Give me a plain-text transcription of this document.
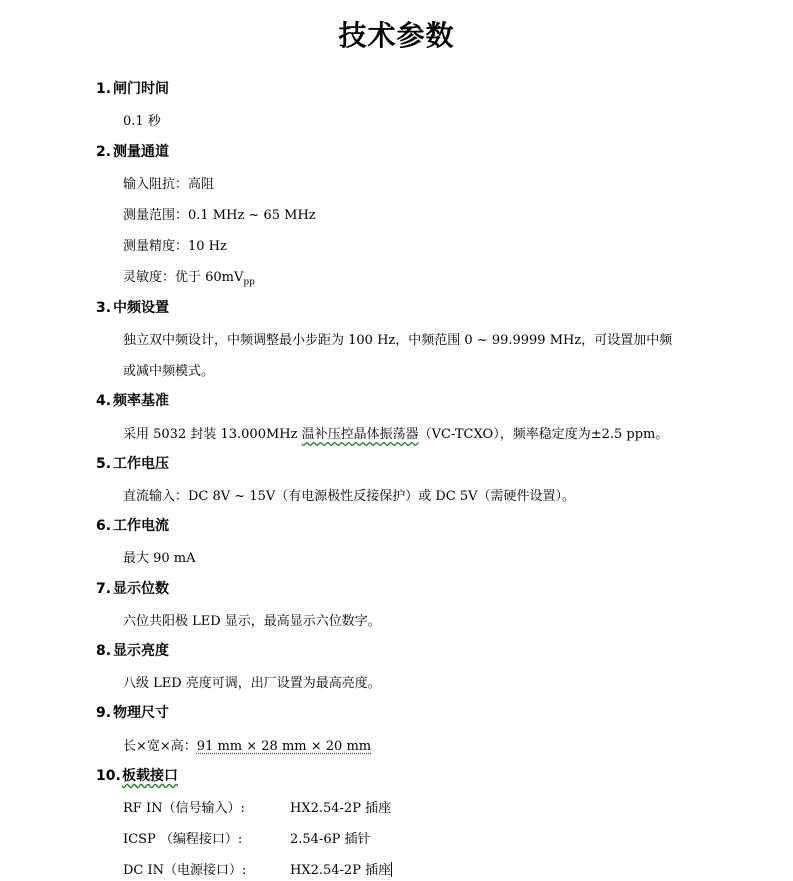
技术参数
1. 闸门时间
0.1 秒
2. 测量通道
输入阻抗：高阻
测量范围：0.1 MHz ~ 65 MHz
测量精度：10 Hz
灵敏度：优于 $60mV_{pp}$
3. 中频设置
独立双中频设计，中频调整最小步距为 100 Hz，中频范围 0 ~ 99.9999 MHz，可设置加中频
或减中频模式。
4. 频率基准
采用 5032 封装 13.000MHz 温补压控晶体振荡器（VC-TCXO），频率稳定度为±2.5 ppm。
5. 工作电压
直流输入：DC 8V ~ 15V（有电源极性反接保护）或 DC 5V（需硬件设置）。
6. 工作电流
最大 90 mA
7. 显示位数
六位共阳极 LED 显示，最高显示六位数字。
8. 显示亮度
八级 LED 亮度可调，出厂设置为最高亮度。
9. 物理尺寸
长×宽×高：91 mm × 28 mm × 20 mm
10.板载接口
RF IN（信号输入）:	HX2.54-2P 插座
ICSP （编程接口）:	2.54-6P 插针
DC IN（电源接口）:	HX2.54-2P 插座
